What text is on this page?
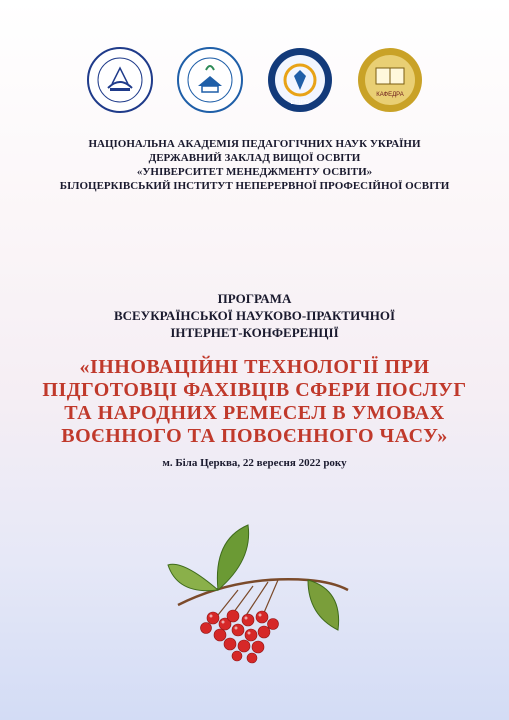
БІНПО
КАФЕДРА
НАЦІОНАЛЬНА АКАДЕМІЯ ПЕДАГОГІЧНИХ НАУК УКРАЇНИ
ДЕРЖАВНИЙ ЗАКЛАД ВИЩОЇ ОСВІТИ
«УНІВЕРСИТЕТ МЕНЕДЖМЕНТУ ОСВІТИ»
БІЛОЦЕРКІВСЬКИЙ ІНСТИТУТ НЕПЕРЕРВНОЇ ПРОФЕСІЙНОЇ ОСВІТИ
ПРОГРАМА
ВСЕУКРАЇНСЬКОЇ НАУКОВО-ПРАКТИЧНОЇ
ІНТЕРНЕТ-КОНФЕРЕНЦІЇ
«ІННОВАЦІЙНІ ТЕХНОЛОГІЇ ПРИ
ПІДГОТОВЦІ ФАХІВЦІВ СФЕРИ ПОСЛУГ
ТА НАРОДНИХ РЕМЕСЕЛ В УМОВАХ
ВОЄННОГО ТА ПОВОЄННОГО ЧАСУ»
м. Біла Церква, 22 вересня 2022 року
